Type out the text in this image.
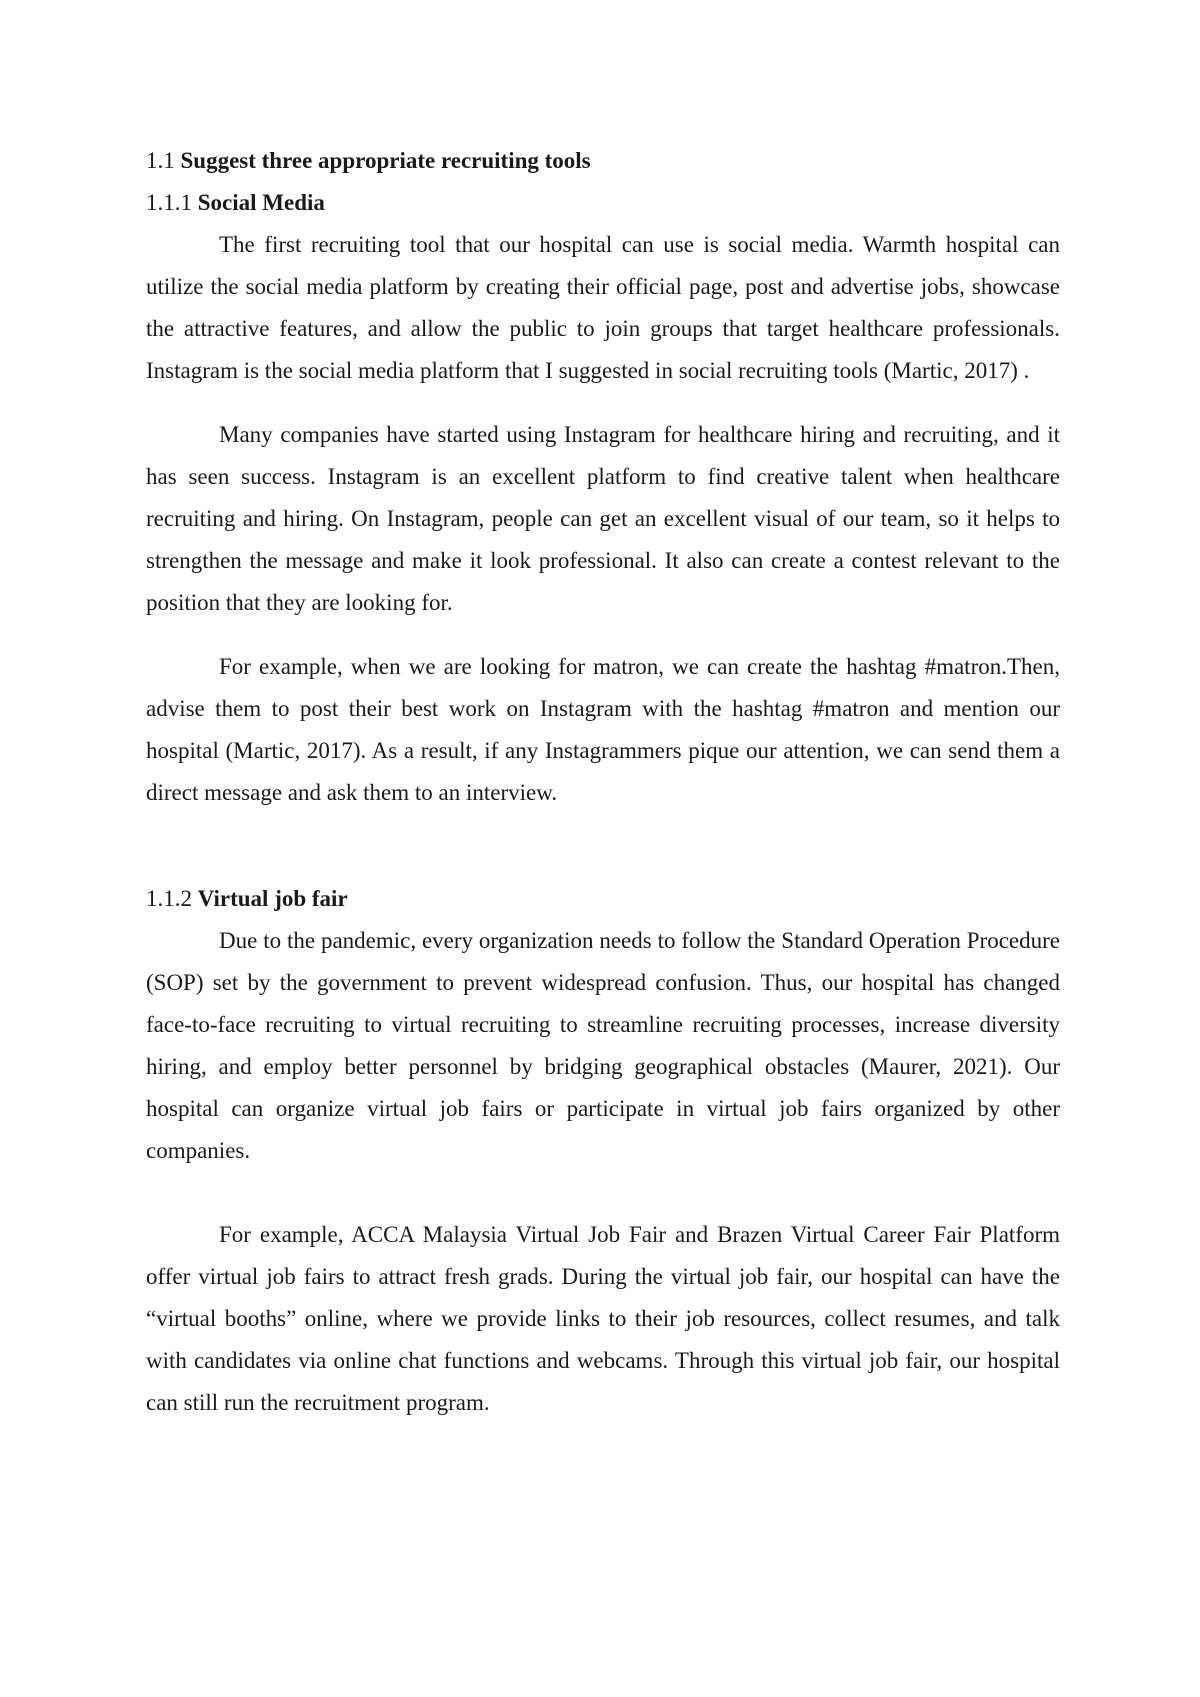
1.1 Suggest three appropriate recruiting tools
1.1.1 Social Media

The first recruiting tool that our hospital can use is social media. Warmth hospital can utilize the social media platform by creating their official page, post and advertise jobs, showcase the attractive features, and allow the public to join groups that target healthcare professionals. Instagram is the social media platform that I suggested in social recruiting tools (Martic, 2017) .

Many companies have started using Instagram for healthcare hiring and recruiting, and it has seen success. Instagram is an excellent platform to find creative talent when healthcare recruiting and hiring. On Instagram, people can get an excellent visual of our team, so it helps to strengthen the message and make it look professional. It also can create a contest relevant to the position that they are looking for.

For example, when we are looking for matron, we can create the hashtag #matron.Then, advise them to post their best work on Instagram with the hashtag #matron and mention our hospital (Martic, 2017). As a result, if any Instagrammers pique our attention, we can send them a direct message and ask them to an interview.

1.1.2 Virtual job fair

Due to the pandemic, every organization needs to follow the Standard Operation Procedure (SOP) set by the government to prevent widespread confusion. Thus, our hospital has changed face-to-face recruiting to virtual recruiting to streamline recruiting processes, increase diversity hiring, and employ better personnel by bridging geographical obstacles (Maurer, 2021). Our hospital can organize virtual job fairs or participate in virtual job fairs organized by other companies.

For example, ACCA Malaysia Virtual Job Fair and Brazen Virtual Career Fair Platform offer virtual job fairs to attract fresh grads. During the virtual job fair, our hospital can have the “virtual booths” online, where we provide links to their job resources, collect resumes, and talk with candidates via online chat functions and webcams. Through this virtual job fair, our hospital can still run the recruitment program.
